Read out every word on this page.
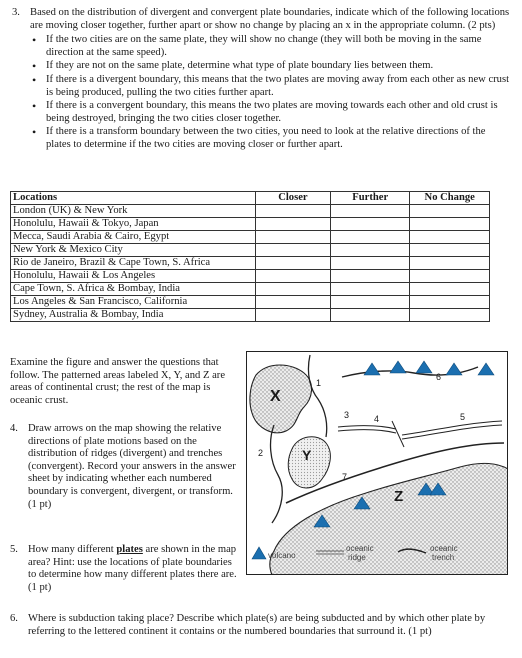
3. Based on the distribution of divergent and convergent plate boundaries, indicate which of the following locations are moving closer together, further apart or show no change by placing an x in the appropriate column. (2 pts)
• If the two cities are on the same plate, they will show no change (they will both be moving in the same direction at the same speed).
• If they are not on the same plate, determine what type of plate boundary lies between them.
• If there is a divergent boundary, this means that the two plates are moving away from each other as new crust is being produced, pulling the two cities further apart.
• If there is a convergent boundary, this means the two plates are moving towards each other and old crust is being destroyed, bringing the two cities closer together.
• If there is a transform boundary between the two cities, you need to look at the relative directions of the plates to determine if the two cities are moving closer or further apart.
Locations	Closer	Further	No Change
London (UK) & New York			
Honolulu, Hawaii & Tokyo, Japan			
Mecca, Saudi Arabia & Cairo, Egypt			
New York & Mexico City			
Rio de Janeiro, Brazil & Cape Town, S. Africa			
Honolulu, Hawaii & Los Angeles			
Cape Town, S. Africa & Bombay, India			
Los Angeles & San Francisco, California			
Sydney, Australia & Bombay, India			
Examine the figure and answer the questions that follow. The patterned areas labeled X, Y, and Z are areas of continental crust; the rest of the map is oceanic crust.
4. Draw arrows on the map showing the relative directions of plate motions based on the distribution of ridges (divergent) and trenches (convergent). Record your answers in the answer sheet by indicating whether each numbered boundary is convergent, divergent, or transform. (1 pt)
5. How many different plates are shown in the map area? Hint: use the locations of plate boundaries to determine how many different plates there are. (1 pt)
6. Where is subduction taking place? Describe which plate(s) are being subducted and by which other plate by referring to the lettered continent it contains or the numbered boundaries that surround it. (1 pt)
X
Y
Z
1
2
3	4	5
6
7
volcano
oceanic
ridge
oceanic
trench
